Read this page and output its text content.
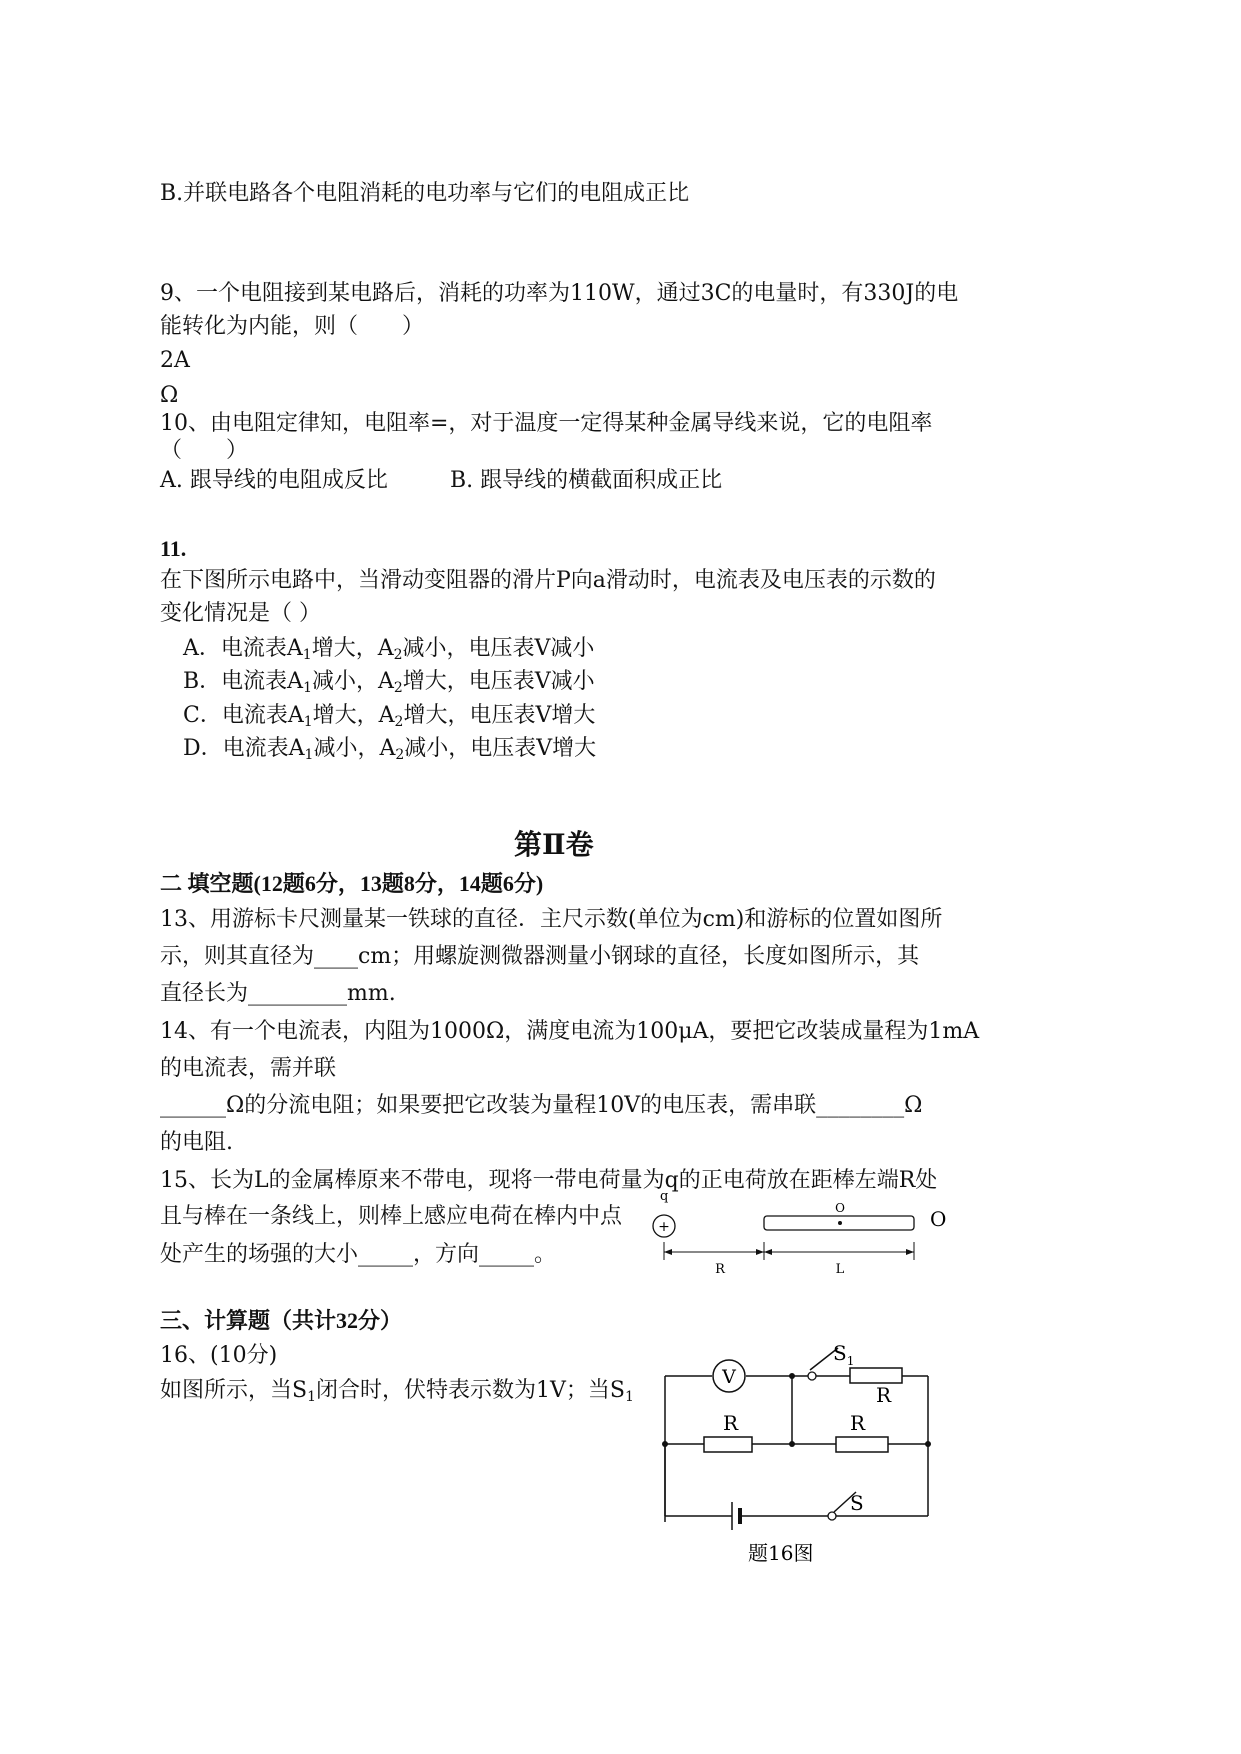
B.并联电路各个电阻消耗的电功率与它们的电阻成正比
9、一个电阻接到某电路后，消耗的功率为110W，通过3C的电量时，有330J的电
能转化为内能，则（　　）
2A
Ω
10、由电阻定律知，电阻率=，对于温度一定得某种金属导线来说，它的电阻率
（　　）
A. 跟导线的电阻成反比	B. 跟导线的横截面积成正比
11.
在下图所示电路中，当滑动变阻器的滑片P向a滑动时，电流表及电压表的示数的
变化情况是（ ）
A．电流表$A_1$增大，$A_2$减小，电压表V减小
B．电流表$A_1$减小，$A_2$增大，电压表V减小
C．电流表$A_1$增大，$A_2$增大，电压表V增大
D．电流表$A_1$减小，$A_2$减小，电压表V增大
第Ⅱ卷
二 填空题(12题6分，13题8分，14题6分)
13、用游标卡尺测量某一铁球的直径．主尺示数(单位为cm)和游标的位置如图所
示，则其直径为____cm；用螺旋测微器测量小钢球的直径，长度如图所示，其
直径长为_________mm.
14、有一个电流表，内阻为1000Ω，满度电流为100μA，要把它改装成量程为1mA
的电流表，需并联
______Ω的分流电阻；如果要把它改装为量程10V的电压表，需串联________Ω
的电阻.
15、长为L的金属棒原来不带电，现将一带电荷量为q的正电荷放在距棒左端R处
且与棒在一条线上，则棒上感应电荷在棒内中点
处产生的场强的大小_____，方向_____。
q
+
O	O
R	L
三、计算题（共计32分）
16、(10分)
如图所示，当$S_1$闭合时，伏特表示数为1V；当$S_1$
V
$S_1$
R
R	R
S
题16图
